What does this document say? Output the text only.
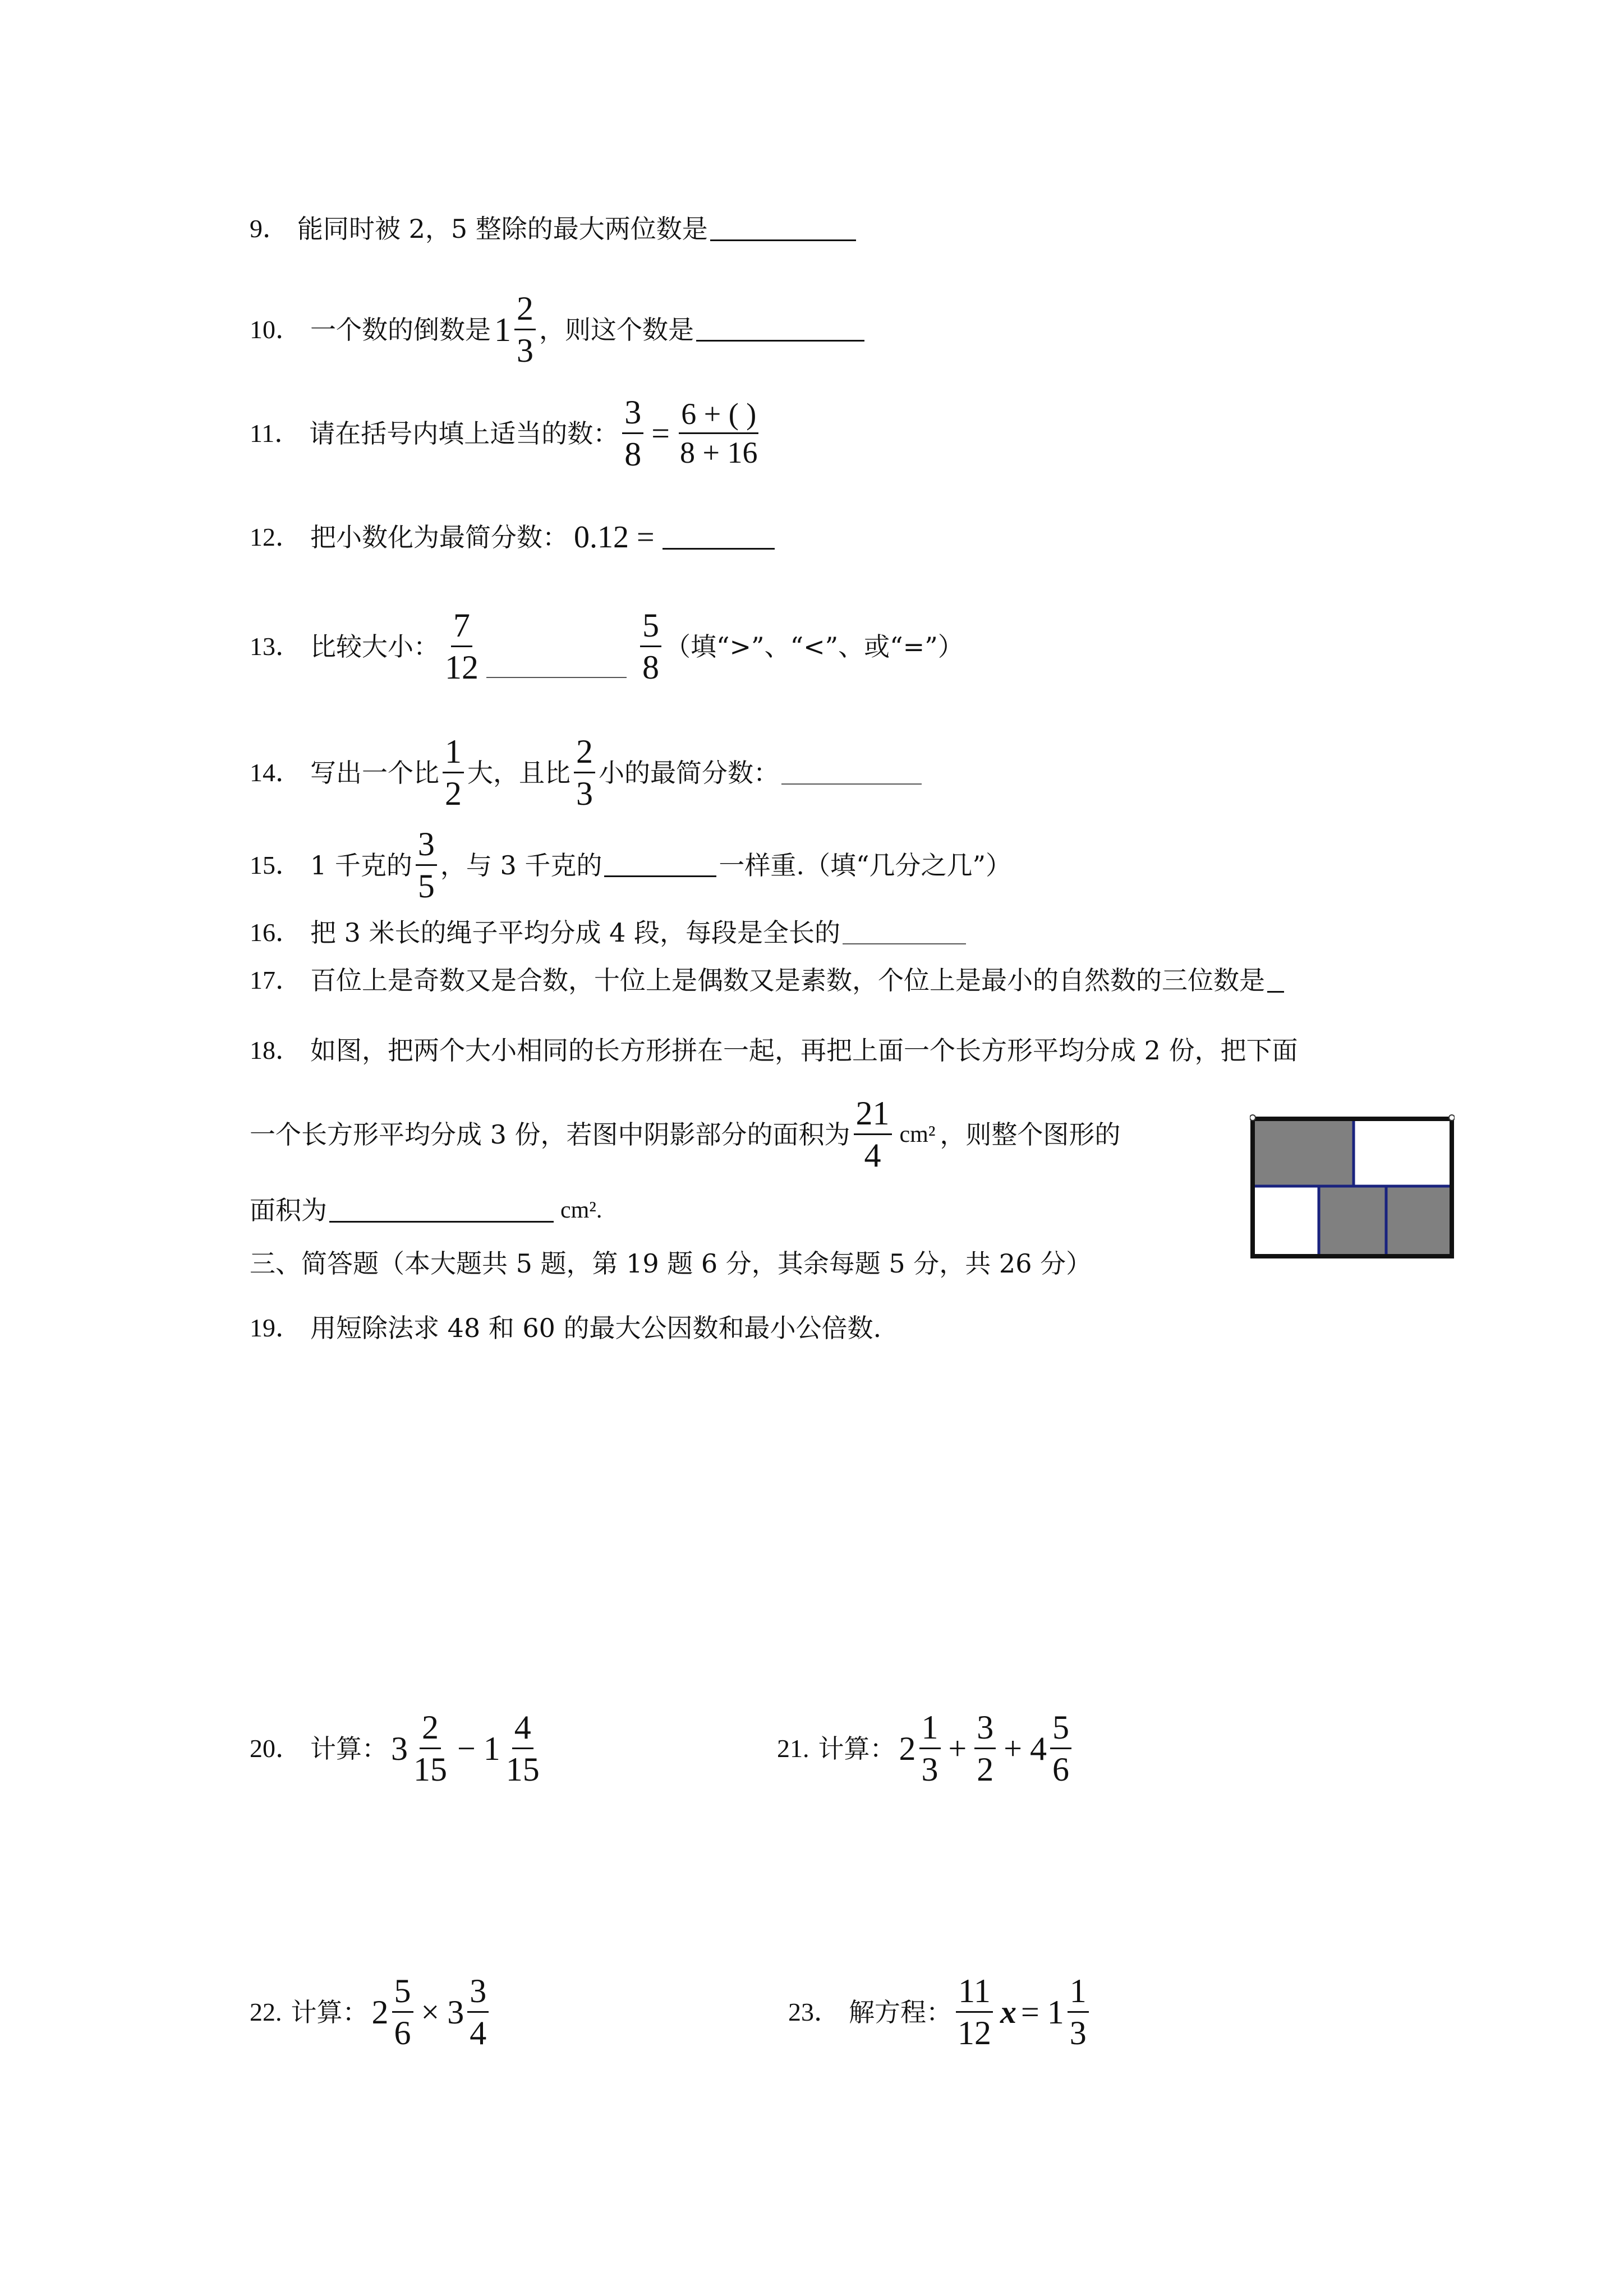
9． 能同时被 2，5 整除的最大两位数是
10． 一个数的倒数是 $1 \frac{2}{3}$ ，则这个数是
11． 请在括号内填上适当的数： $\frac{3}{8} = \frac{6 + ( )}{8 + 16}$
12． 把小数化为最简分数： 0.12 =
13． 比较大小： $\frac{7}{12}$	$\frac{5}{8}$ （填“>”、“<”、或“=”）
14． 写出一个比 $\frac{1}{2}$ 大，且比 $\frac{2}{3}$ 小的最简分数：
15． 1 千克的 $\frac{3}{5}$ ，与 3 千克的	一样重.（填“几分之几”）
16． 把 3 米长的绳子平均分成 4 段，每段是全长的
17． 百位上是奇数又是合数，十位上是偶数又是素数，个位上是最小的自然数的三位数是
18． 如图，把两个大小相同的长方形拼在一起，再把上面一个长方形平均分成 2 份，把下面
一个长方形平均分成 3 份，若图中阴影部分的面积为 $\frac{21}{4} cm^2$ ，则整个图形的
面积为	cm².
三、简答题（本大题共 5 题，第 19 题 6 分，其余每题 5 分，共 26 分）
19． 用短除法求 48 和 60 的最大公因数和最小公倍数.
20． 计算： $3 \frac{2}{15} - 1 \frac{4}{15}$	21. 计算： $2 \frac{1}{3} + \frac{3}{2} + 4 \frac{5}{6}$
22. 计算： $2 \frac{5}{6} \times 3 \frac{3}{4}$	23． 解方程： $\frac{11}{12}$ $x = 1 \frac{1}{3}$
